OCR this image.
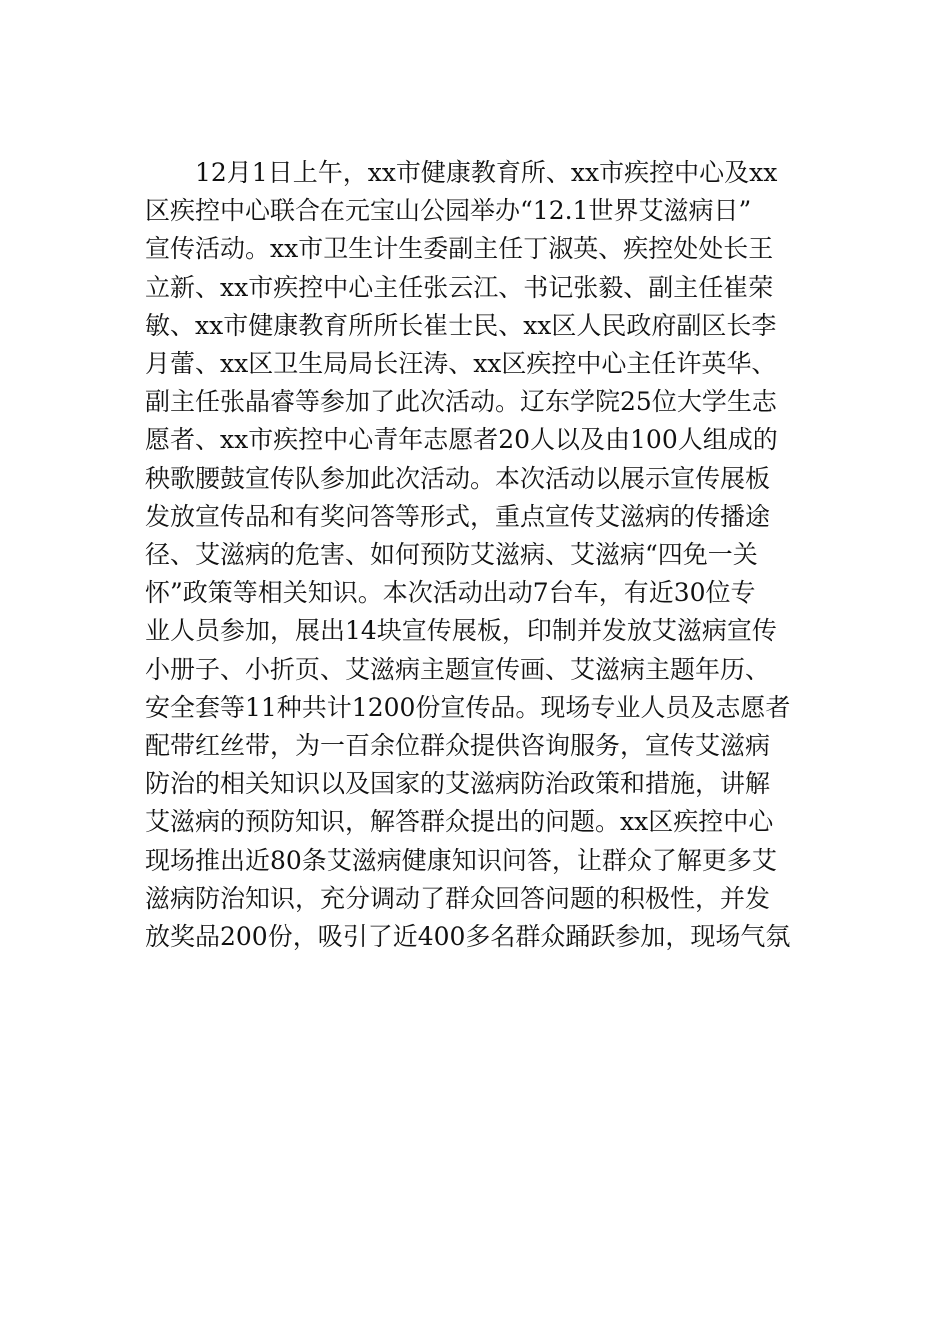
12月1日上午，xx市健康教育所、xx市疾控中心及xx
区疾控中心联合在元宝山公园举办“12.1世界艾滋病日”
宣传活动。xx市卫生计生委副主任丁淑英、疾控处处长王
立新、xx市疾控中心主任张云江、书记张毅、副主任崔荣
敏、xx市健康教育所所长崔士民、xx区人民政府副区长李
月蕾、xx区卫生局局长汪涛、xx区疾控中心主任许英华、
副主任张晶睿等参加了此次活动。辽东学院25位大学生志
愿者、xx市疾控中心青年志愿者20人以及由100人组成的
秧歌腰鼓宣传队参加此次活动。本次活动以展示宣传展板
发放宣传品和有奖问答等形式，重点宣传艾滋病的传播途
径、艾滋病的危害、如何预防艾滋病、艾滋病“四免一关
怀”政策等相关知识。本次活动出动7台车，有近30位专
业人员参加，展出14块宣传展板，印制并发放艾滋病宣传
小册子、小折页、艾滋病主题宣传画、艾滋病主题年历、
安全套等11种共计1200份宣传品。现场专业人员及志愿者
配带红丝带，为一百余位群众提供咨询服务，宣传艾滋病
防治的相关知识以及国家的艾滋病防治政策和措施，讲解
艾滋病的预防知识，解答群众提出的问题。xx区疾控中心
现场推出近80条艾滋病健康知识问答，让群众了解更多艾
滋病防治知识，充分调动了群众回答问题的积极性，并发
放奖品200份，吸引了近400多名群众踊跃参加，现场气氛
